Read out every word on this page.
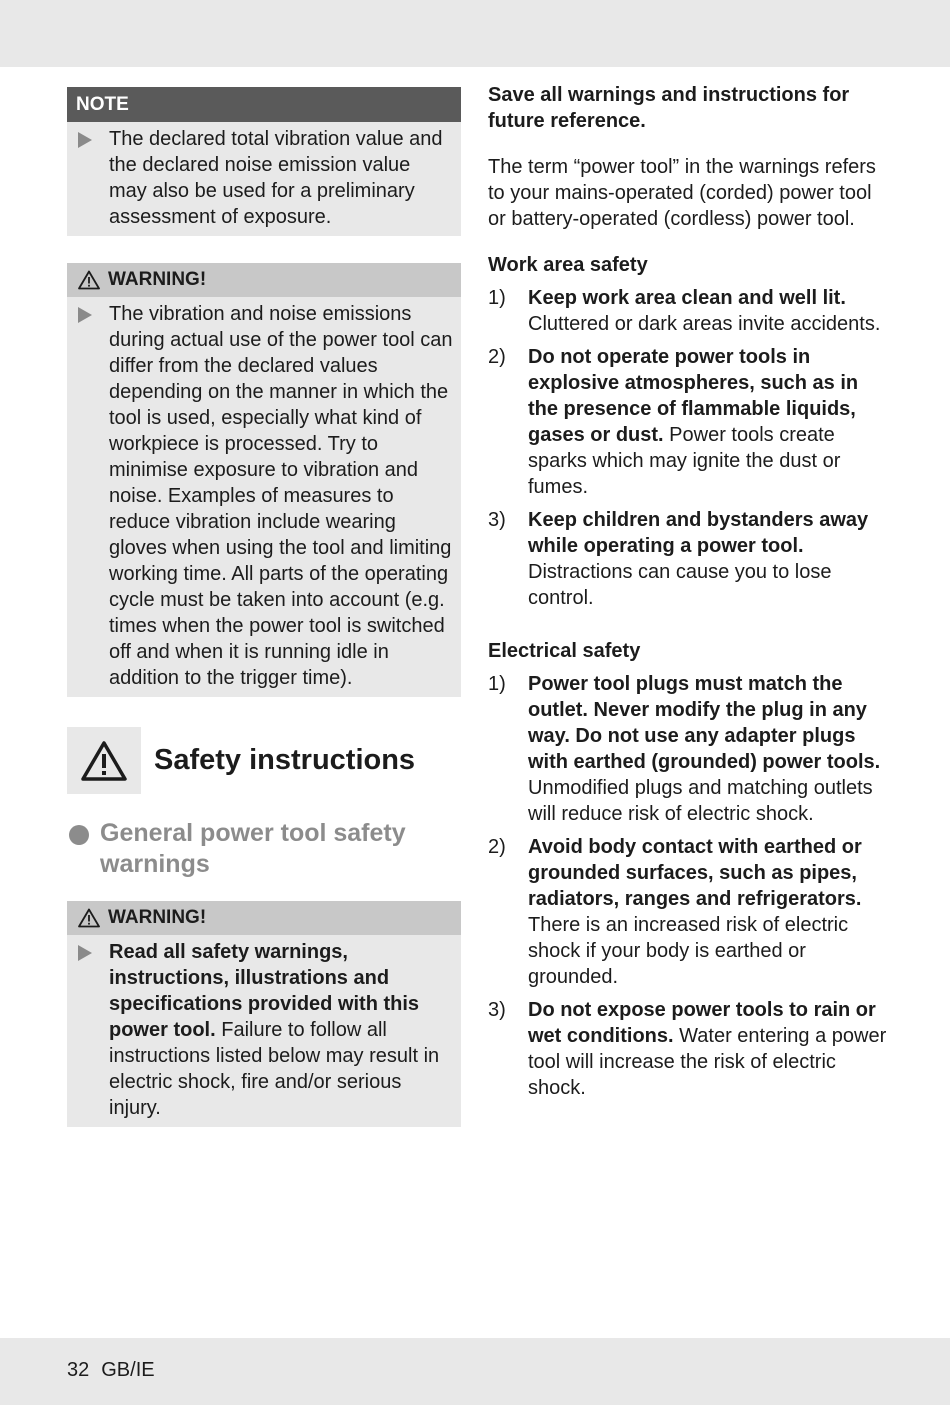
NOTE
The declared total vibration value and the declared noise emission value may also be used for a preliminary assessment of exposure.
WARNING!
The vibration and noise emissions during actual use of the power tool can differ from the declared values depending on the manner in which the tool is used, especially what kind of workpiece is processed. Try to minimise exposure to vibration and noise. Examples of measures to reduce vibration include wearing gloves when using the tool and limiting working time. All parts of the operating cycle must be taken into account (e.g. times when the power tool is switched off and when it is running idle in addition to the trigger time).
Safety instructions
General power tool safety warnings
WARNING!
Read all safety warnings, instructions, illustrations and specifications provided with this power tool. Failure to follow all instructions listed below may result in electric shock, fire and/or serious injury.

Save all warnings and instructions for future reference.

The term “power tool” in the warnings refers to your mains-operated (corded) power tool or battery-operated (cordless) power tool.

Work area safety
1) Keep work area clean and well lit. Cluttered or dark areas invite accidents.
2) Do not operate power tools in explosive atmospheres, such as in the presence of flammable liquids, gases or dust. Power tools create sparks which may ignite the dust or fumes.
3) Keep children and bystanders away while operating a power tool. Distractions can cause you to lose control.
Electrical safety
1) Power tool plugs must match the outlet. Never modify the plug in any way. Do not use any adapter plugs with earthed (grounded) power tools. Unmodified plugs and matching outlets will reduce risk of electric shock.
2) Avoid body contact with earthed or grounded surfaces, such as pipes, radiators, ranges and refrigerators. There is an increased risk of electric shock if your body is earthed or grounded.
3) Do not expose power tools to rain or wet conditions. Water entering a power tool will increase the risk of electric shock.
32 GB/IE
